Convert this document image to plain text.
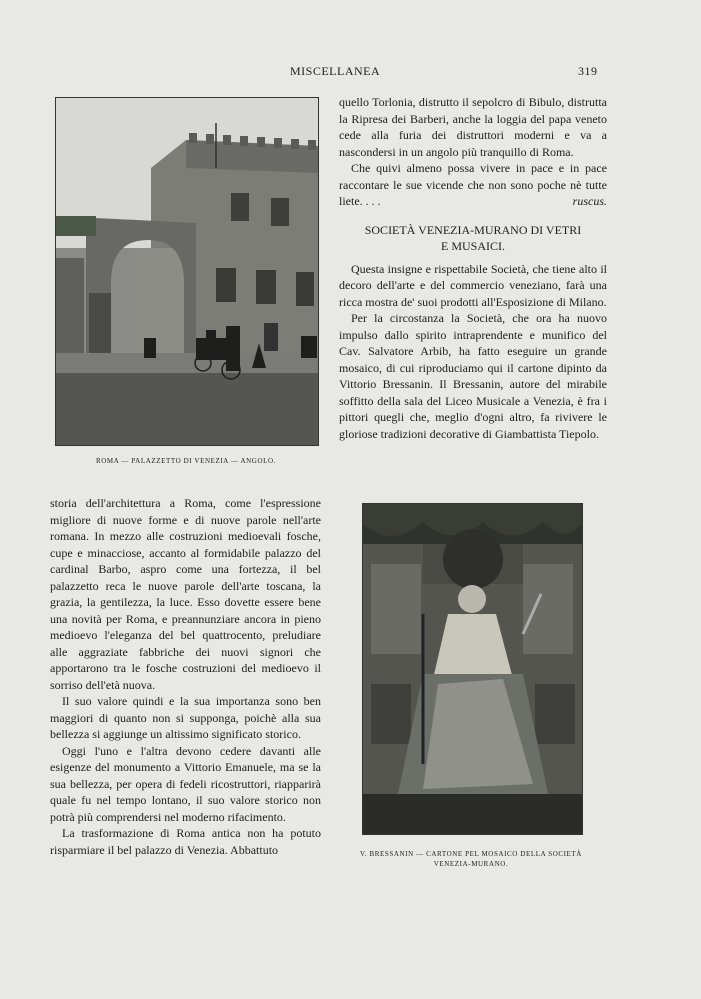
MISCELLANEA	319
ROMA — PALAZZETTO DI VENEZIA — ANGOLO.

quello Torlonia, distrutto il sepolcro di Bibulo, distrutta la Ripresa dei Barberi, anche la loggia del papa veneto cede alla furia dei distruttori moderni e va a nascondersi in un angolo più tranquillo di Roma.

Che quivi almeno possa vivere in pace e in pace raccontare le sue vicende che non sono poche nè tutte liete. . . .	ruscus.

SOCIETÀ VENEZIA-MURANO DI VETRI
E MUSAICI.

Questa insigne e rispettabile Società, che tiene alto il decoro dell'arte e del commercio veneziano, farà una ricca mostra de' suoi prodotti all'Esposizione di Milano.

Per la circostanza la Società, che ora ha nuovo impulso dallo spirito intraprendente e munifico del Cav. Salvatore Arbib, ha fatto eseguire un grande mosaico, di cui riproduciamo qui il cartone dipinto da Vittorio Bressanin. Il Bressanin, autore del mirabile soffitto della sala del Liceo Musicale a Venezia, è fra i pittori quegli che, meglio d'ogni altro, fa rivivere le gloriose tradizioni decorative di Giambattista Tiepolo.

storia dell'architettura a Roma, come l'espressione migliore di nuove forme e di nuove parole nell'arte romana. In mezzo alle costruzioni medioevali fosche, cupe e minacciose, accanto al formidabile palazzo del cardinal Barbo, aspro come una fortezza, il bel palazzetto reca le nuove parole dell'arte toscana, la grazia, la gentilezza, la luce. Esso dovette essere bene una novità per Roma, e preannunziare ancora in pieno medioevo l'eleganza del bel quattrocento, preludiare alle aggraziate fabbriche dei nuovi signori che apportarono tra le fosche costruzioni del medioevo il sorriso dell'età nuova.

Il suo valore quindi e la sua importanza sono ben maggiori di quanto non si supponga, poichè alla sua bellezza si aggiunge un altissimo significato storico.

Oggi l'uno e l'altra devono cedere davanti alle esigenze del monumento a Vittorio Emanuele, ma se la sua bellezza, per opera di fedeli ricostruttori, riapparirà quale fu nel tempo lontano, il suo valore storico non potrà più comprendersi nel moderno rifacimento.

La trasformazione di Roma antica non ha potuto risparmiare il bel palazzo di Venezia. Abbattuto	V. BRESSANIN — CARTONE PEL MOSAICO DELLA SOCIETÀ
VENEZIA-MURANO.
